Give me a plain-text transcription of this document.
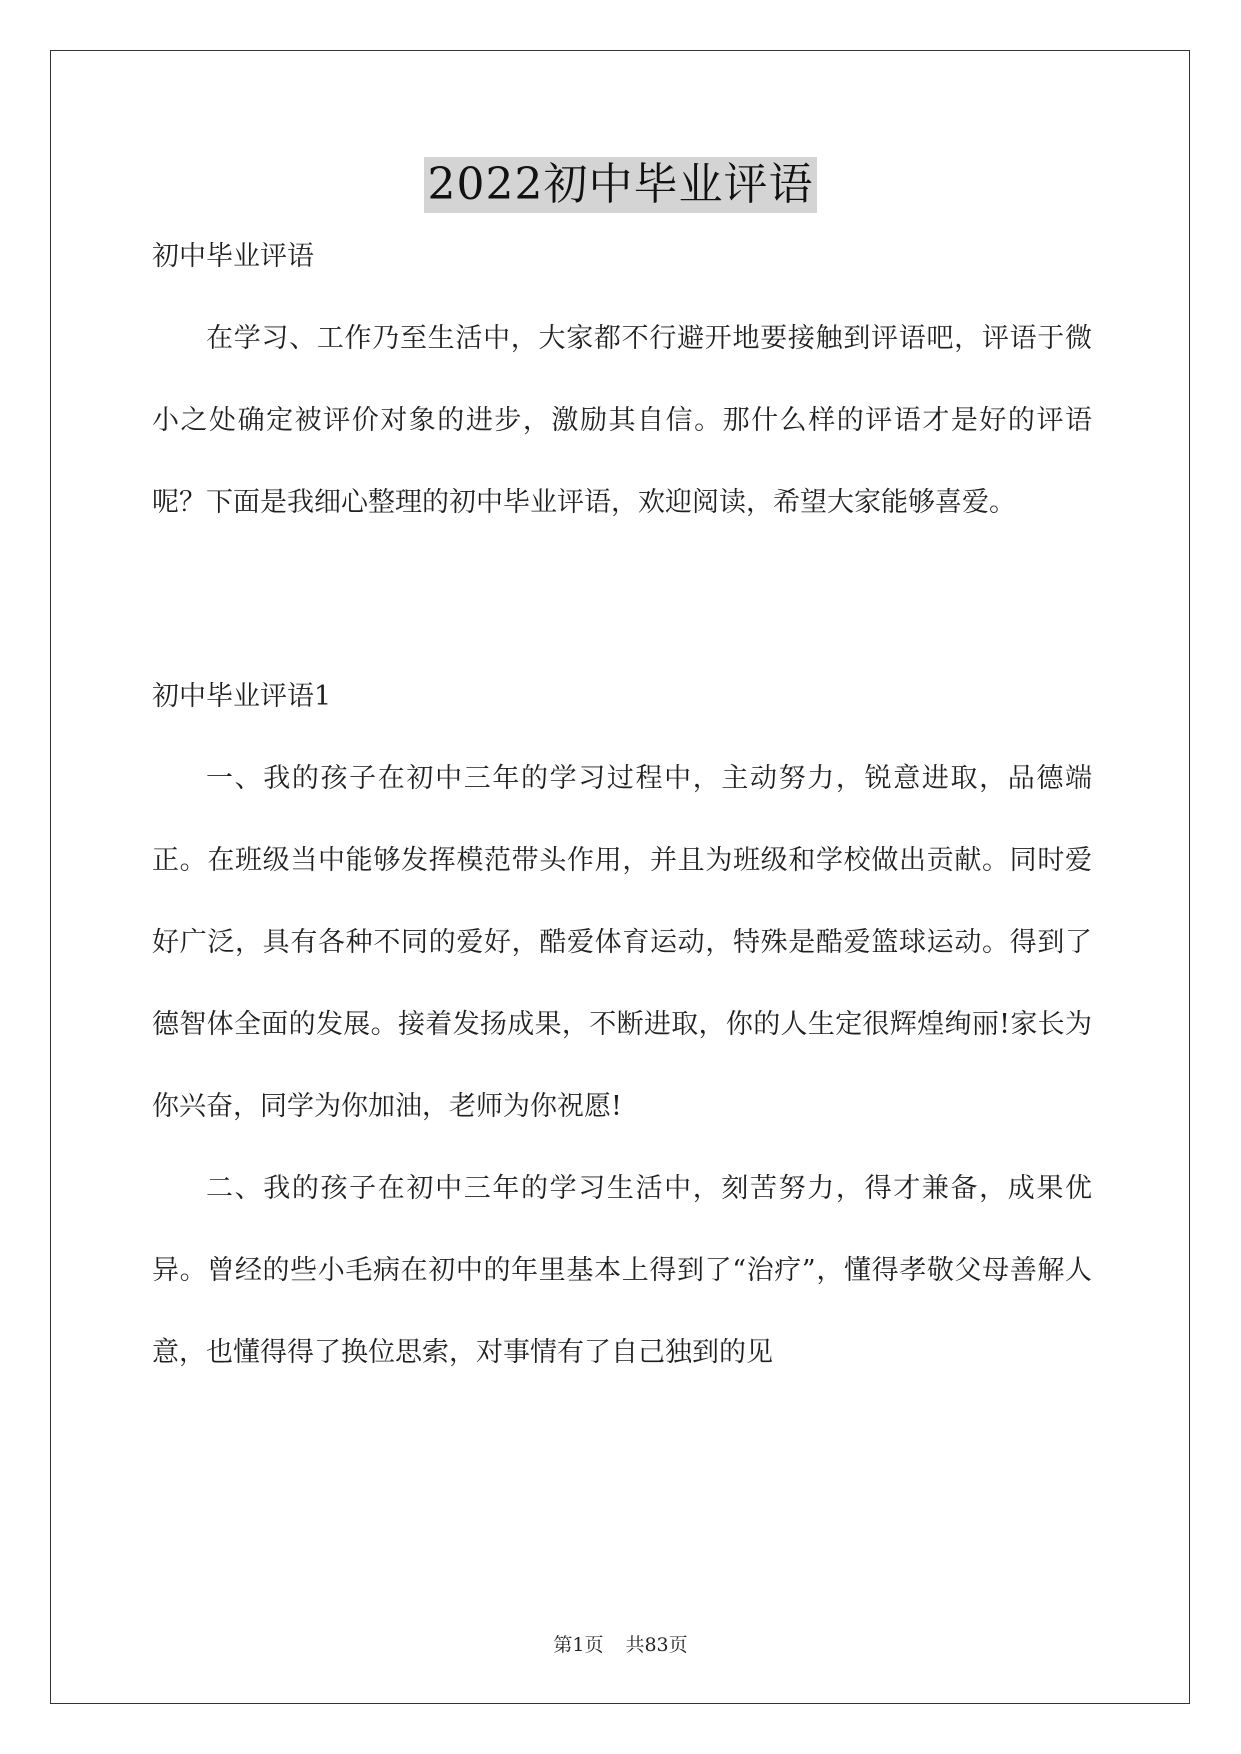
2022初中毕业评语

初中毕业评语

在学习、工作乃至生活中，大家都不行避开地要接触到评语吧，评语于微小之处确定被评价对象的进步，激励其自信。那什么样的评语才是好的评语呢？下面是我细心整理的初中毕业评语，欢迎阅读，希望大家能够喜爱。

初中毕业评语1

一、我的孩子在初中三年的学习过程中，主动努力，锐意进取，品德端正。在班级当中能够发挥模范带头作用，并且为班级和学校做出贡献。同时爱好广泛，具有各种不同的爱好，酷爱体育运动，特殊是酷爱篮球运动。得到了德智体全面的发展。接着发扬成果，不断进取，你的人生定很辉煌绚丽!家长为你兴奋，同学为你加油，老师为你祝愿!

二、我的孩子在初中三年的学习生活中，刻苦努力，得才兼备，成果优异。曾经的些小毛病在初中的年里基本上得到了“治疗”，懂得孝敬父母善解人意，也懂得得了换位思索，对事情有了自己独到的见

第1页 共83页
